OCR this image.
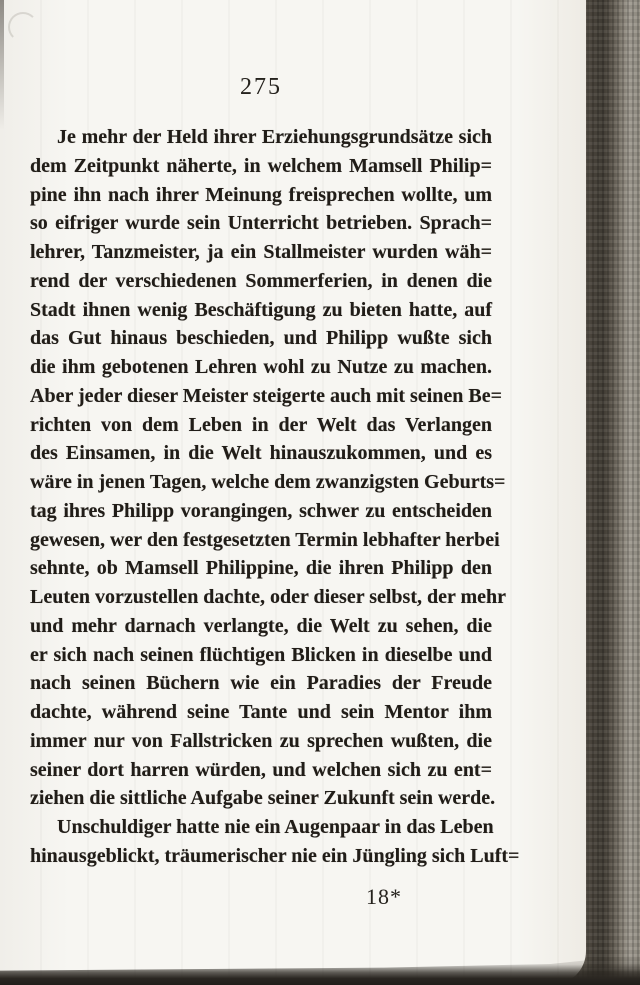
275
Je mehr der Held ihrer Erziehungsgrundsätze sich
dem Zeitpunkt näherte, in welchem Mamsell Philip=
pine ihn nach ihrer Meinung freisprechen wollte, um
so eifriger wurde sein Unterricht betrieben. Sprach=
lehrer, Tanzmeister, ja ein Stallmeister wurden wäh=
rend der verschiedenen Sommerferien, in denen die
Stadt ihnen wenig Beschäftigung zu bieten hatte, auf
das Gut hinaus beschieden, und Philipp wußte sich
die ihm gebotenen Lehren wohl zu Nutze zu machen.
Aber jeder dieser Meister steigerte auch mit seinen Be=
richten von dem Leben in der Welt das Verlangen
des Einsamen, in die Welt hinauszukommen, und es
wäre in jenen Tagen, welche dem zwanzigsten Geburts=
tag ihres Philipp vorangingen, schwer zu entscheiden
gewesen, wer den festgesetzten Termin lebhafter herbei
sehnte, ob Mamsell Philippine, die ihren Philipp den
Leuten vorzustellen dachte, oder dieser selbst, der mehr
und mehr darnach verlangte, die Welt zu sehen, die
er sich nach seinen flüchtigen Blicken in dieselbe und
nach seinen Büchern wie ein Paradies der Freude
dachte, während seine Tante und sein Mentor ihm
immer nur von Fallstricken zu sprechen wußten, die
seiner dort harren würden, und welchen sich zu ent=
ziehen die sittliche Aufgabe seiner Zukunft sein werde.
Unschuldiger hatte nie ein Augenpaar in das Leben
hinausgeblickt, träumerischer nie ein Jüngling sich Luft=
18*
